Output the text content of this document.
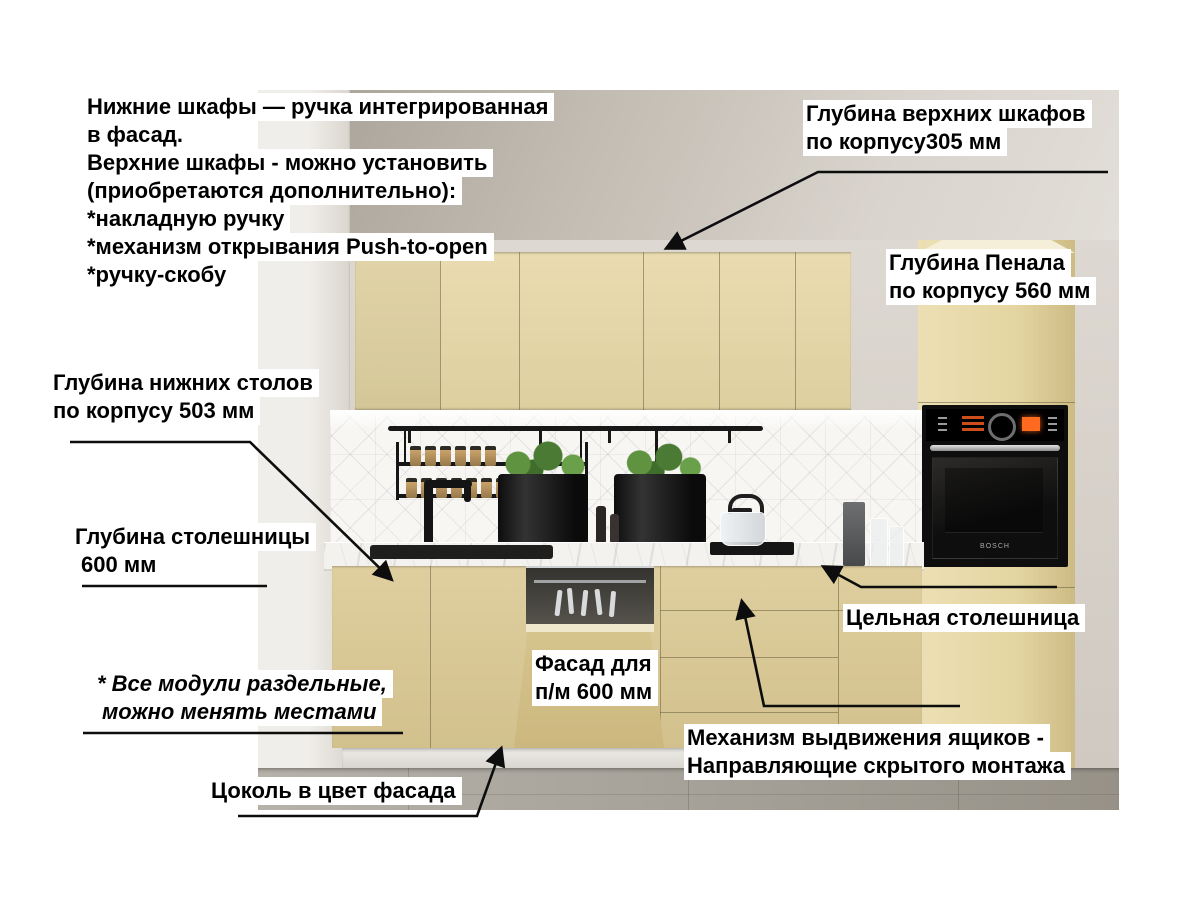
BOSCH
Нижние шкафы — ручка интегрированная
в фасад.
Верхние шкафы - можно установить
(приобретаются дополнительно):
*накладную ручку
*механизм открывания Push-to-open
*ручку-скобу
Глубина верхних шкафов
по корпусу305 мм
Глубина Пенала
по корпусу 560 мм
Глубина нижних столов
по корпусу 503 мм
Глубина столешницы
600 мм
* Все модули раздельные,
можно менять местами
Цоколь в цвет фасада
Фасад для
п/м 600 мм
Цельная столешница
Механизм выдвижения ящиков -
Направляющие скрытого монтажа
